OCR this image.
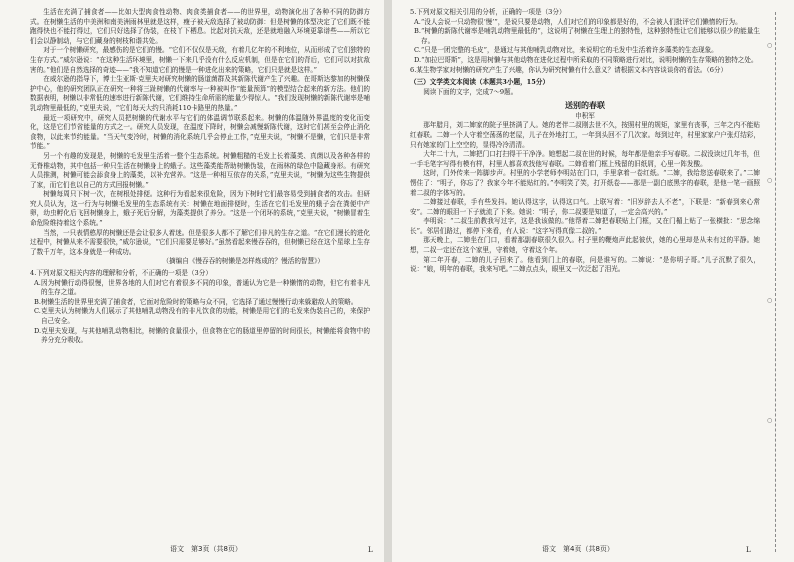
生活在充满了捕食者——比如大型肉食性动物、肉食类捕食者——的世界里，动物演化出了各种不同的防御方式。在树懒生活的中美洲和南美洲雨林里就是这样，瘦子被天敌选择了被动防御：但是树懒的体型决定了它们既不能跑得快也不能打得过，它们只好选择了伪装，在枝丫下栖息。比起对抗天敌，还是就地融入环境更靠谱些——所以它们会以静制动，与它们藏身的树枝和谐共处。

对于一个树懒研究，最感伤的是它们的慢。“它们不仅仅是天敌，有着几亿年的不利地位，从而形成了它们独特的生存方式。”威尔逊说：“在这种生活环境里，树懒一下来几乎没有什么反应机制，但是在它们的背后，它们可以对抗敌害的。”他们是自然选择的奇迹——“我不知道它们的慢是一种进化出来的策略，它们只是就是这样。”

在威尔逊的指导下，博士生亚斯·克里夫对研究树懒的肠道菌群及其新陈代谢产生了兴趣。在哥斯达黎加的树懒保护中心，他的研究团队正在研究一种将三趾树懒的代谢率与一种被叫作“能量预算”的模型结合起来的新方法。他们的数据表明，树懒以非常低的速率进行新陈代谢，它们维持生命所需的能量少得惊人。“我们发现树懒的新陈代谢率是哺乳动物里最低的，”克里夫说，“它们每天大约只消耗110卡路里的热量。”

最近一项研究中，研究人员把树懒的代谢水平与它们的体温调节联系起来。树懒的体温随外界温度的变化而变化，这是它们节省能量的方式之一。研究人员发现，在温度下降时，树懒会减慢新陈代谢，这时它们甚至会停止消化食物，以此来节约能量。“当天气变冷时，树懒的消化系统几乎会停止工作，”克里夫说，“树懒不是懒，它们只是非常节能。”

另一个有趣的发现是，树懒的毛发里生活着一整个生态系统。树懒粗糙的毛发上长着藻类、真菌以及各种各样的无脊椎动物，其中包括一种只生活在树懒身上的蛾子。这些藻类能帮助树懒伪装，在雨林的绿色中隐藏身形。有研究人员推测，树懒可能会舔食身上的藻类，以补充营养。“这是一种相互依存的关系，”克里夫说，“树懒为这些生物提供了家，而它们也以自己的方式回报树懒。”

树懒每周只下树一次，在树根处排便。这种行为看起来很危险，因为下树时它们最容易受到捕食者的攻击。但研究人员认为，这一行为与树懒毛发里的生态系统有关：树懒在地面排便时，生活在它们毛发里的蛾子会在粪便中产卵，幼虫孵化后飞回树懒身上，蛾子死后分解，为藻类提供了养分。“这是一个闭环的系统，”克里夫说，“树懒冒着生命危险维持着这个系统。”

当然，一只表情憨厚的树懒还是会让很多人着迷。但是很多人都不了解它们非凡的生存之道。“在它们漫长的进化过程中，树懒从来不需要很快，”威尔逊说，“它们只需要足够好。”虽然看起来慢吞吞的，但树懒已经在这个星球上生存了数千万年，这本身就是一种成功。

（摘编自《慢吞吞的树懒是怎样炼成的？慢活的智慧》）
4.下列对原文相关内容的理解和分析，不正确的一项是（3分）
A.因为树懒行动得很慢，世界各地的人们对它有着很多不同的印象，普通认为它是一种懒惰的动物，但它有着非凡的生存之道。
B.树懒生活的世界里充满了捕食者，它面对危险时的策略与众不同，它选择了通过慢慢行动来躲避敌人的策略。
C.克里夫认为树懒为人们展示了其他哺乳动物没有的非凡饮食的功能，树懒是用它们的毛发来伪装自己的，来保护自己安全。
D.克里夫发现，与其他哺乳动物相比，树懒的食量很小，但食物在它的肠道里停留的时间很长，树懒能将食物中的养分充分吸收。
语文　第3页（共8页）	L
5.下列对原文相关引用的分析，正确的一项是（3分）
A.“没人会说一只动物很‘慢’”，是说只要是动物，人们对它们的印象都是好的，不会被人们批评它们懒惰的行为。
B.“树懒的新陈代谢率是哺乳动物里最低的”，这说明了树懒在生理上的独特性，这种独特性让它们能够以很少的能量生存。
C.“只是一团完整的毛皮”，是通过与其他哺乳动物对比，来说明它的毛发中生活着许多藻类的生态现象。
D.“加拉巴哥斯”，这是用树懒与其他动物在进化过程中所采取的不同策略进行对比，说明树懒的生存策略的独特之处。
6.某生物学家对树懒的研究产生了兴趣，你认为研究树懒有什么意义？请根据文本内容谈谈你的看法。（6分）
（三）文学类文本阅读（本题共3小题，15分）
阅读下面的文字，完成7～9题。
送别的春联
申积军

那年腊月，刘二婶家的院子里挤满了人。她的老伴二叔刚去世不久，按照村里的规矩，家里有丧事，三年之内不能贴红春联。二婶一个人守着空荡荡的老屋，儿子在外地打工，一年到头回不了几次家。每到过年，村里家家户户张灯结彩，只有她家的门上空空的，显得冷冷清清。

大年二十九，二婶把门口打扫得干干净净。她想起二叔在世的时候，每年都是他亲手写春联。二叔没读过几年书，但一手毛笔字写得有模有样，村里人都喜欢找他写春联。二婶看着门框上残留的旧纸屑，心里一阵发酸。

这时，门外传来一阵脚步声。村里的小学老师李明站在门口，手里拿着一卷红纸。“二婶，我给您送春联来了。”二婶愣住了：“明子，你忘了？我家今年不能贴红的。”李明笑了笑，打开纸卷——那是一副白底黑字的春联，是他一笔一画照着二叔的字体写的。

二婶接过春联，手有些发抖。她认得这字，认得这口气。上联写着：“旧岁辞去人不老”，下联是：“新春到来心常安”。二婶的眼泪一下子就流了下来。她说：“明子，你二叔要是知道了，一定会高兴的。”

李明说：“二叔生前教我写过字，这是我该做的。”他帮着二婶把春联贴上门框，又在门楣上贴了一张横批：“思念绵长”。邻居们路过，都停下来看，有人说：“这字写得真像二叔的。”

那天晚上，二婶坐在门口，看着那副春联很久很久。村子里的鞭炮声此起彼伏，她的心里却是从未有过的平静。她想，二叔一定还在这个家里，守着她，守着这个年。

第二年开春，二婶的儿子回来了。他看到门上的春联，问是谁写的。二婶说：“是你明子哥。”儿子沉默了很久，说：“娘，明年的春联，我来写吧。”二婶点点头，眼里又一次泛起了泪光。

语文　第4页（共8页）	L
○
○
○
○
